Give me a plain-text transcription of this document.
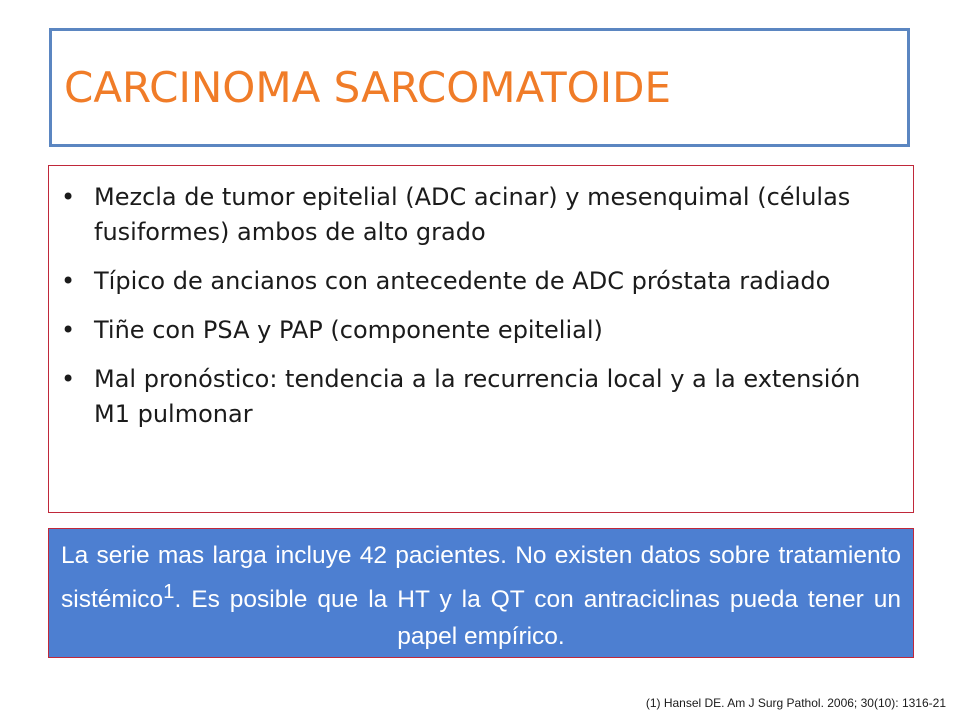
CARCINOMA SARCOMATOIDE
• Mezcla de tumor epitelial (ADC acinar) y mesenquimal (células fusiformes) ambos de alto grado
• Típico de ancianos con antecedente de ADC próstata radiado
• Tiñe con PSA y PAP (componente epitelial)
• Mal pronóstico: tendencia a la recurrencia local y a la extensión M1 pulmonar
La serie mas larga incluye 42 pacientes. No existen datos sobre tratamiento sistémico$^1$. Es posible que la HT y la QT con antraciclinas pueda tener un papel empírico.
(1) Hansel DE. Am J Surg Pathol. 2006; 30(10): 1316-21
